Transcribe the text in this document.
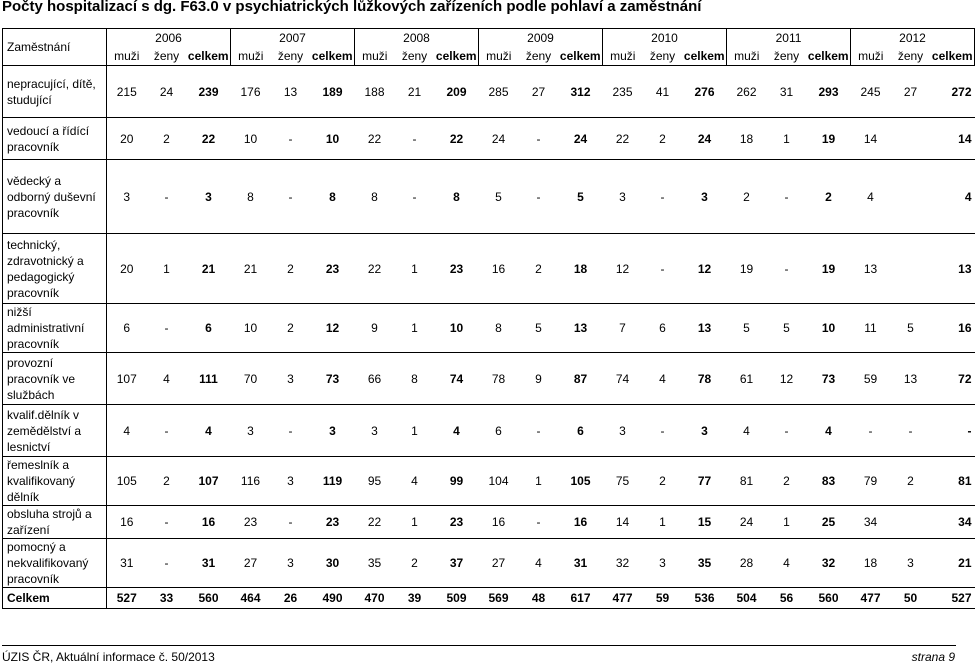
Počty hospitalizací s dg. F63.0 v psychiatrických lůžkových zařízeních podle pohlaví a zaměstnání
Zaměstnání	2006			2007			2008			2009			2010			2011			2012		
	muži	ženy	celkem	muži	ženy	celkem	muži	ženy	celkem	muži	ženy	celkem	muži	ženy	celkem	muži	ženy	celkem	muži	ženy	celkem
nepracující, dítě, studující	215	24	239	176	13	189	188	21	209	285	27	312	235	41	276	262	31	293	245	27	272
vedoucí a řídící pracovník	20	2	22	10	-	10	22	-	22	24	-	24	22	2	24	18	1	19	14		14
vědecký a odborný duševní pracovník	3	-	3	8	-	8	8	-	8	5	-	5	3	-	3	2	-	2	4		4
technický, zdravotnický a pedagogický pracovník	20	1	21	21	2	23	22	1	23	16	2	18	12	-	12	19	-	19	13		13
nižší administrativní pracovník	6	-	6	10	2	12	9	1	10	8	5	13	7	6	13	5	5	10	11	5	16
provozní pracovník ve službách	107	4	111	70	3	73	66	8	74	78	9	87	74	4	78	61	12	73	59	13	72
kvalif.dělník v zemědělství a lesnictví	4	-	4	3	-	3	3	1	4	6	-	6	3	-	3	4	-	4	-	-	-
řemeslník a kvalifikovaný dělník	105	2	107	116	3	119	95	4	99	104	1	105	75	2	77	81	2	83	79	2	81
obsluha strojů a zařízení	16	-	16	23	-	23	22	1	23	16	-	16	14	1	15	24	1	25	34		34
pomocný a nekvalifikovaný pracovník	31	-	31	27	3	30	35	2	37	27	4	31	32	3	35	28	4	32	18	3	21
Celkem	527	33	560	464	26	490	470	39	509	569	48	617	477	59	536	504	56	560	477	50	527
ÚZIS ČR, Aktuální informace č. 50/2013	strana 9
